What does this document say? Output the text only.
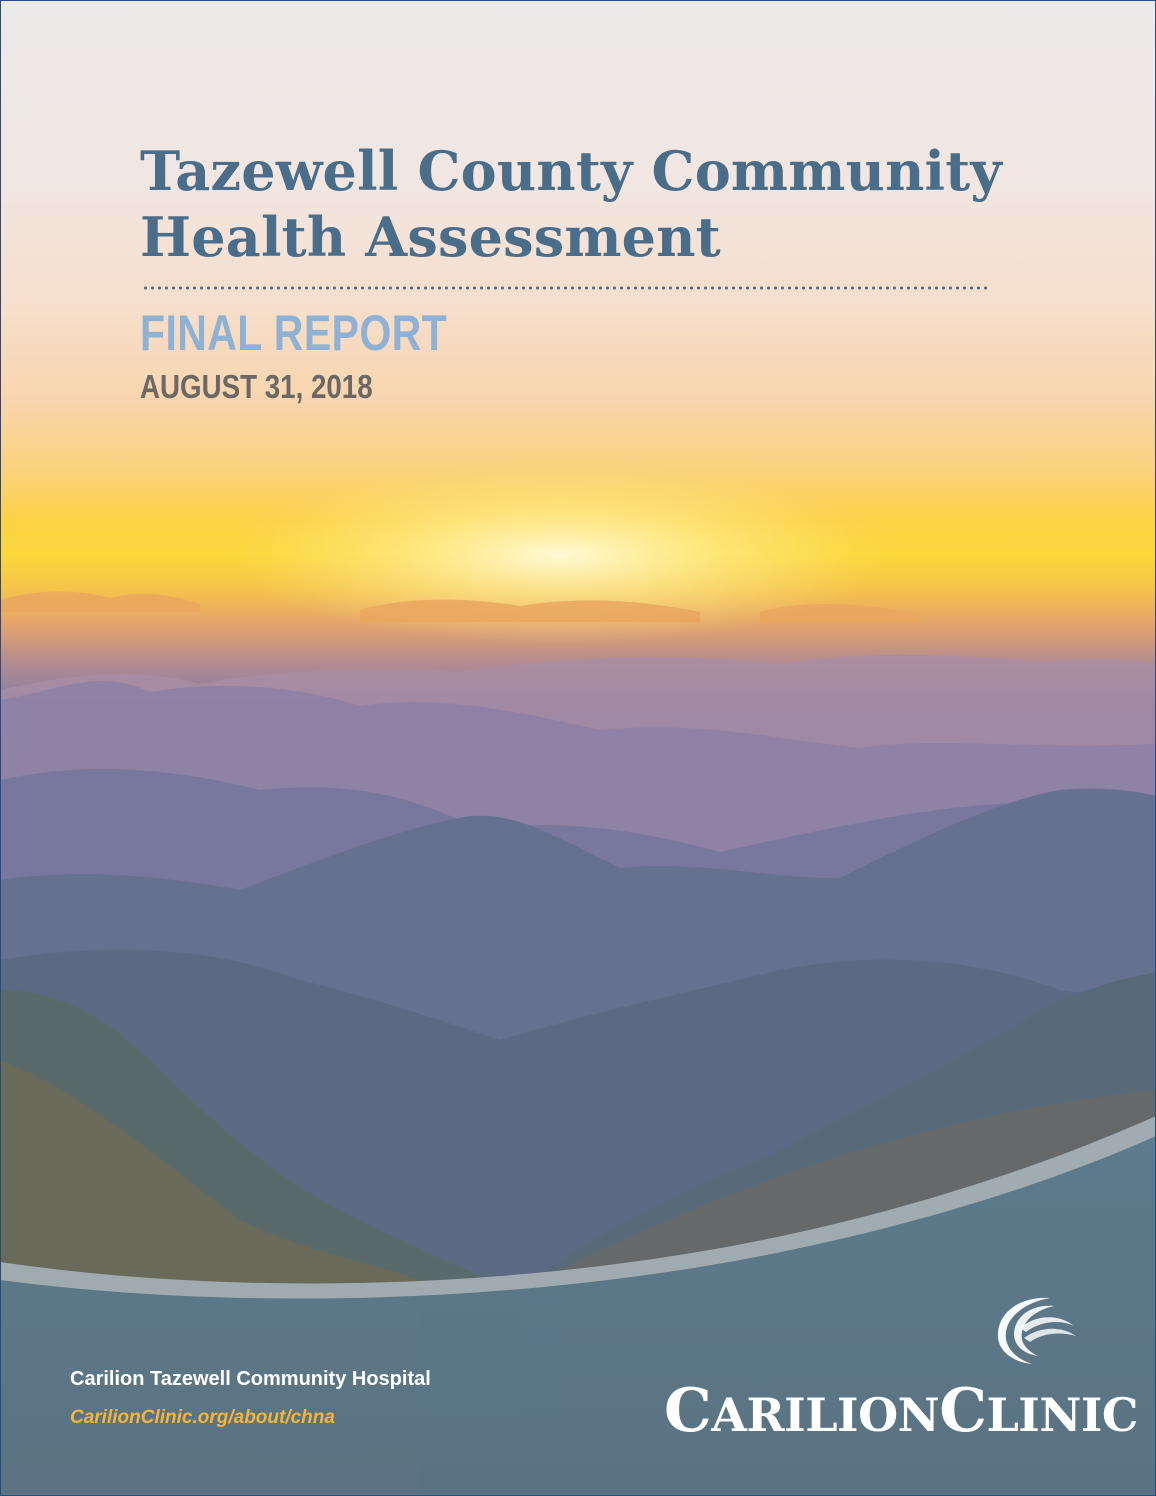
Tazewell County Community
Health Assessment
FINAL REPORT
AUGUST 31, 2018
Carilion Tazewell Community Hospital
CarilionClinic.org/about/chna	CARILIONCLINIC
